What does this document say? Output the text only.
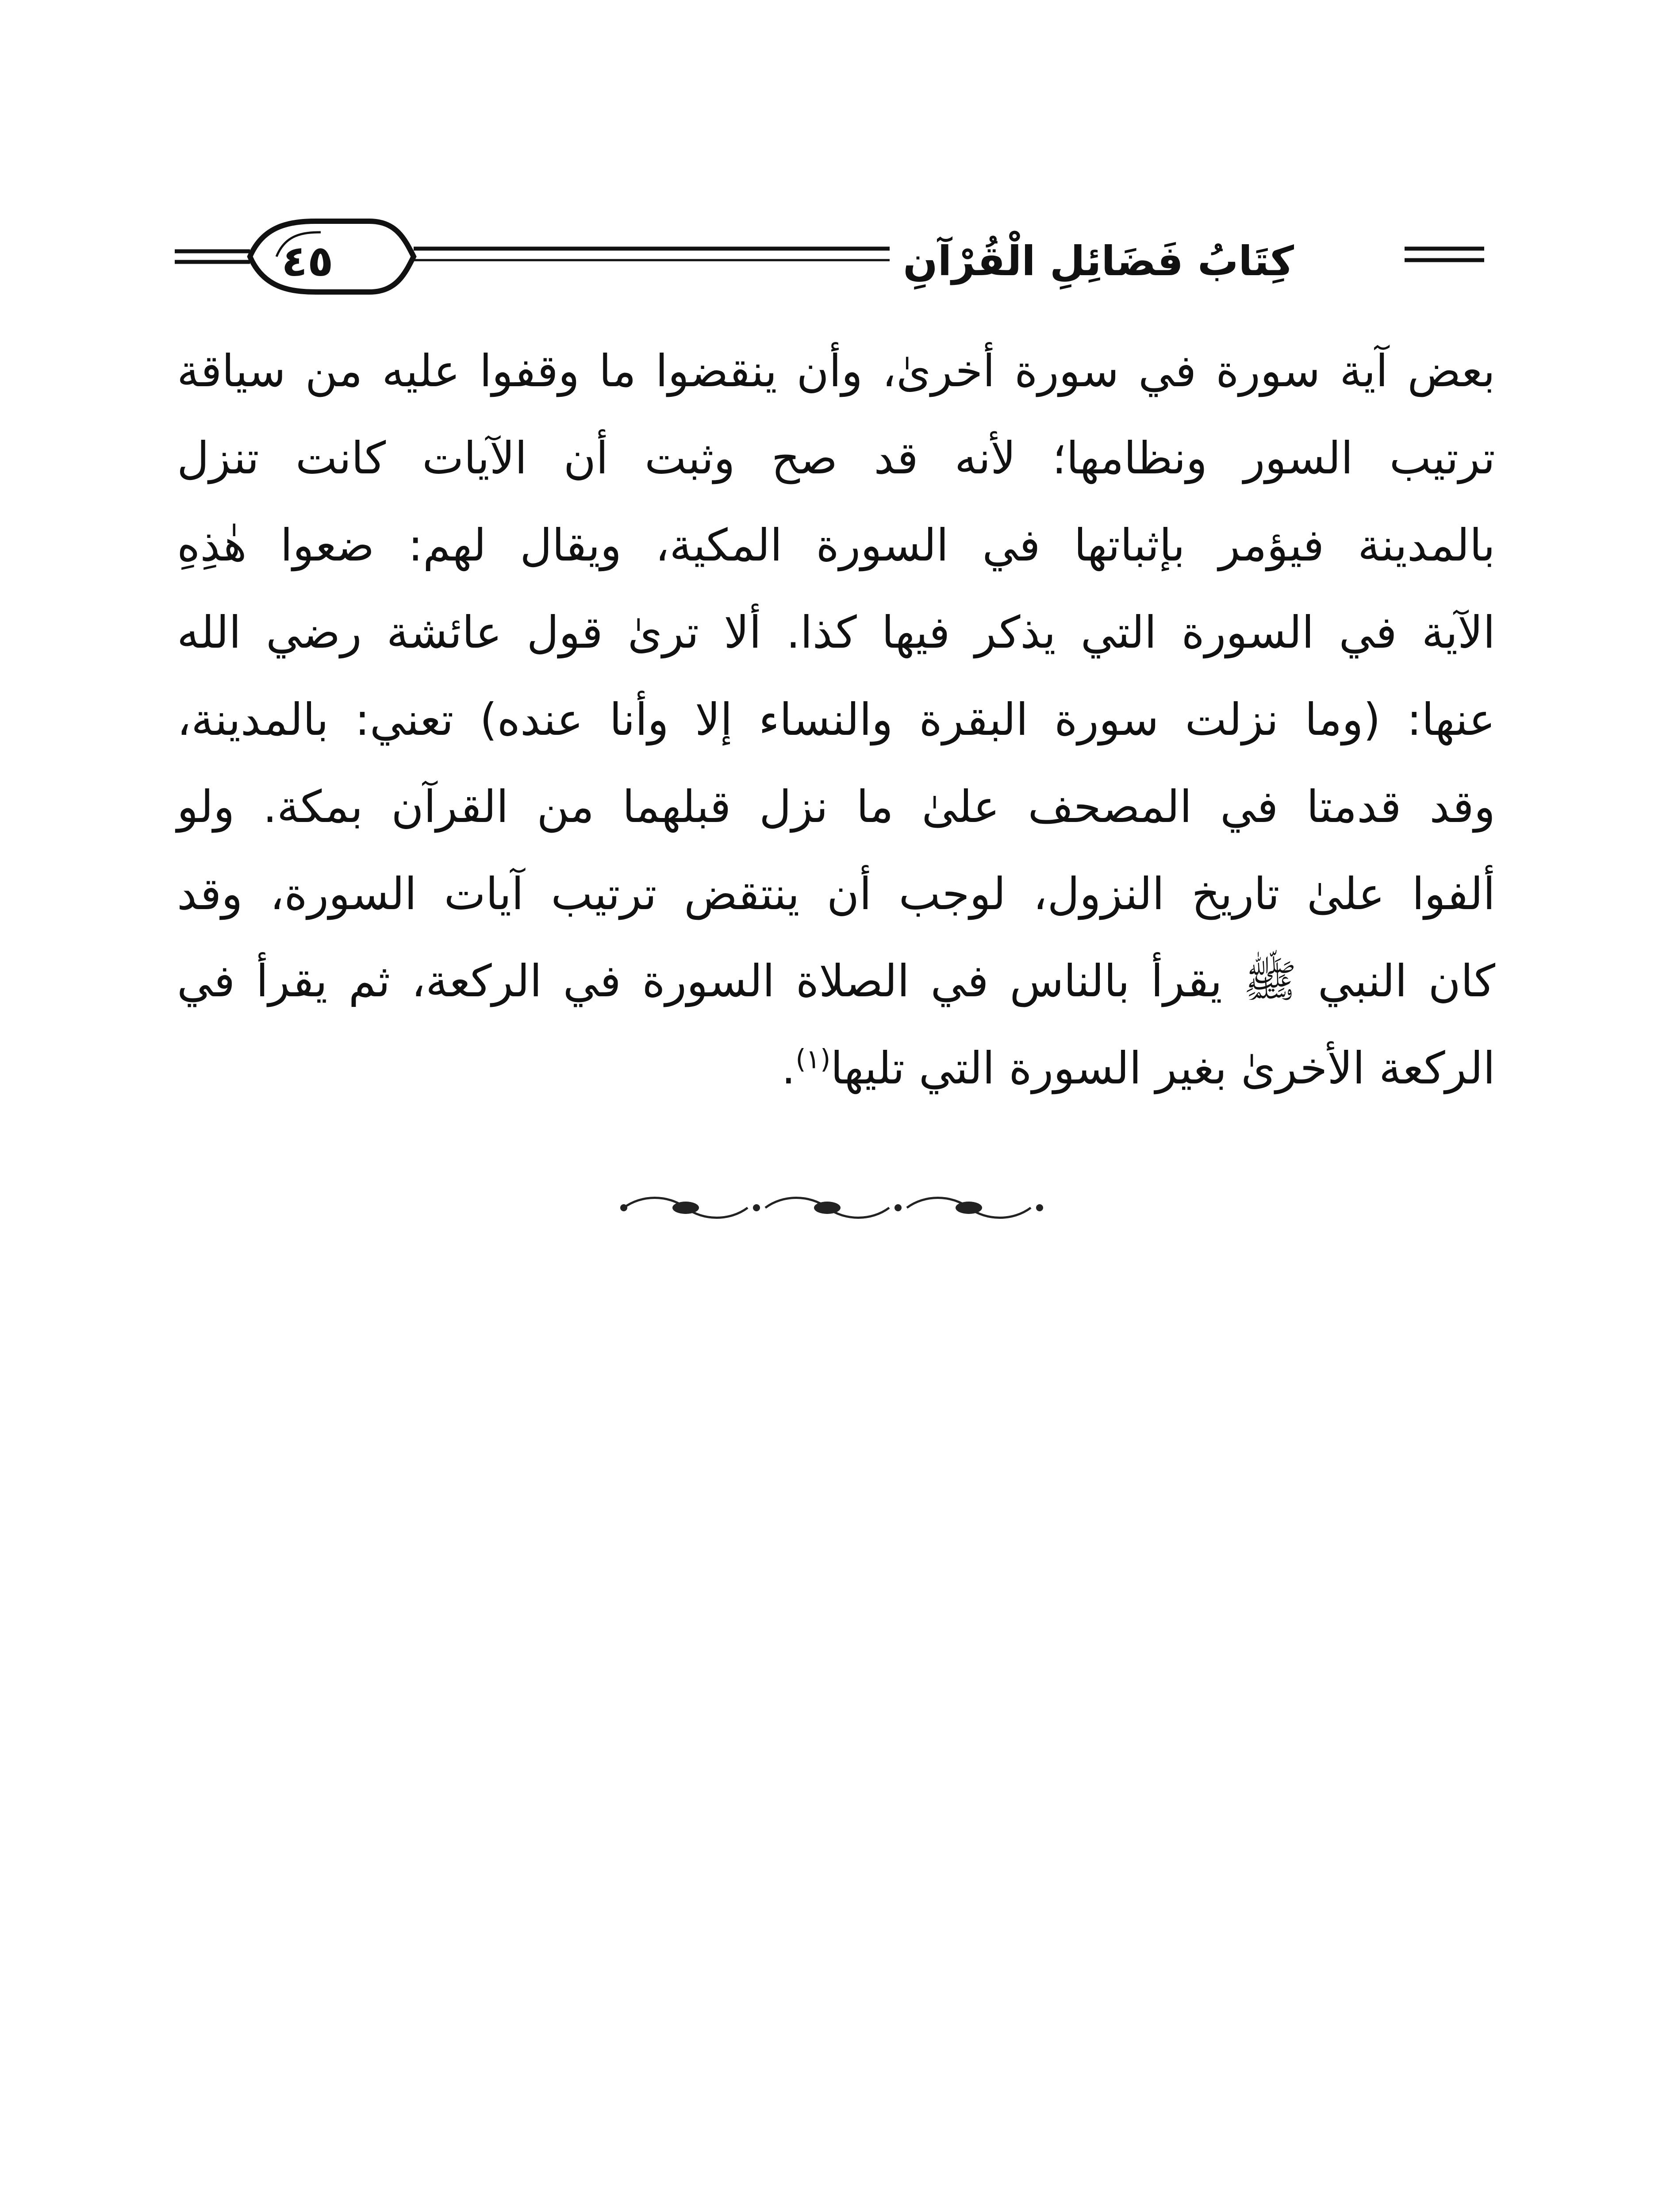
٤٥	كِتَابُ فَضَائِلِ الْقُرْآنِ
بعض آية سورة في سورة أخرىٰ، وأن ينقضوا ما وقفوا عليه من سياقة
ترتيب السور ونظامها؛ لأنه قد صح وثبت أن الآيات كانت تنزل
بالمدينة فيؤمر بإثباتها في السورة المكية، ويقال لهم: ضعوا هٰذِهِ
الآية في السورة التي يذكر فيها كذا. ألا ترىٰ قول عائشة رضي الله
عنها: (وما نزلت سورة البقرة والنساء إلا وأنا عنده) تعني: بالمدينة،
وقد قدمتا في المصحف علىٰ ما نزل قبلهما من القرآن بمكة. ولو
ألفوا علىٰ تاريخ النزول، لوجب أن ينتقض ترتيب آيات السورة، وقد
كان النبي ﷺ يقرأ بالناس في الصلاة السورة في الركعة، ثم يقرأ في
الركعة الأخرىٰ بغير السورة التي تليها$^{(١)}$.
